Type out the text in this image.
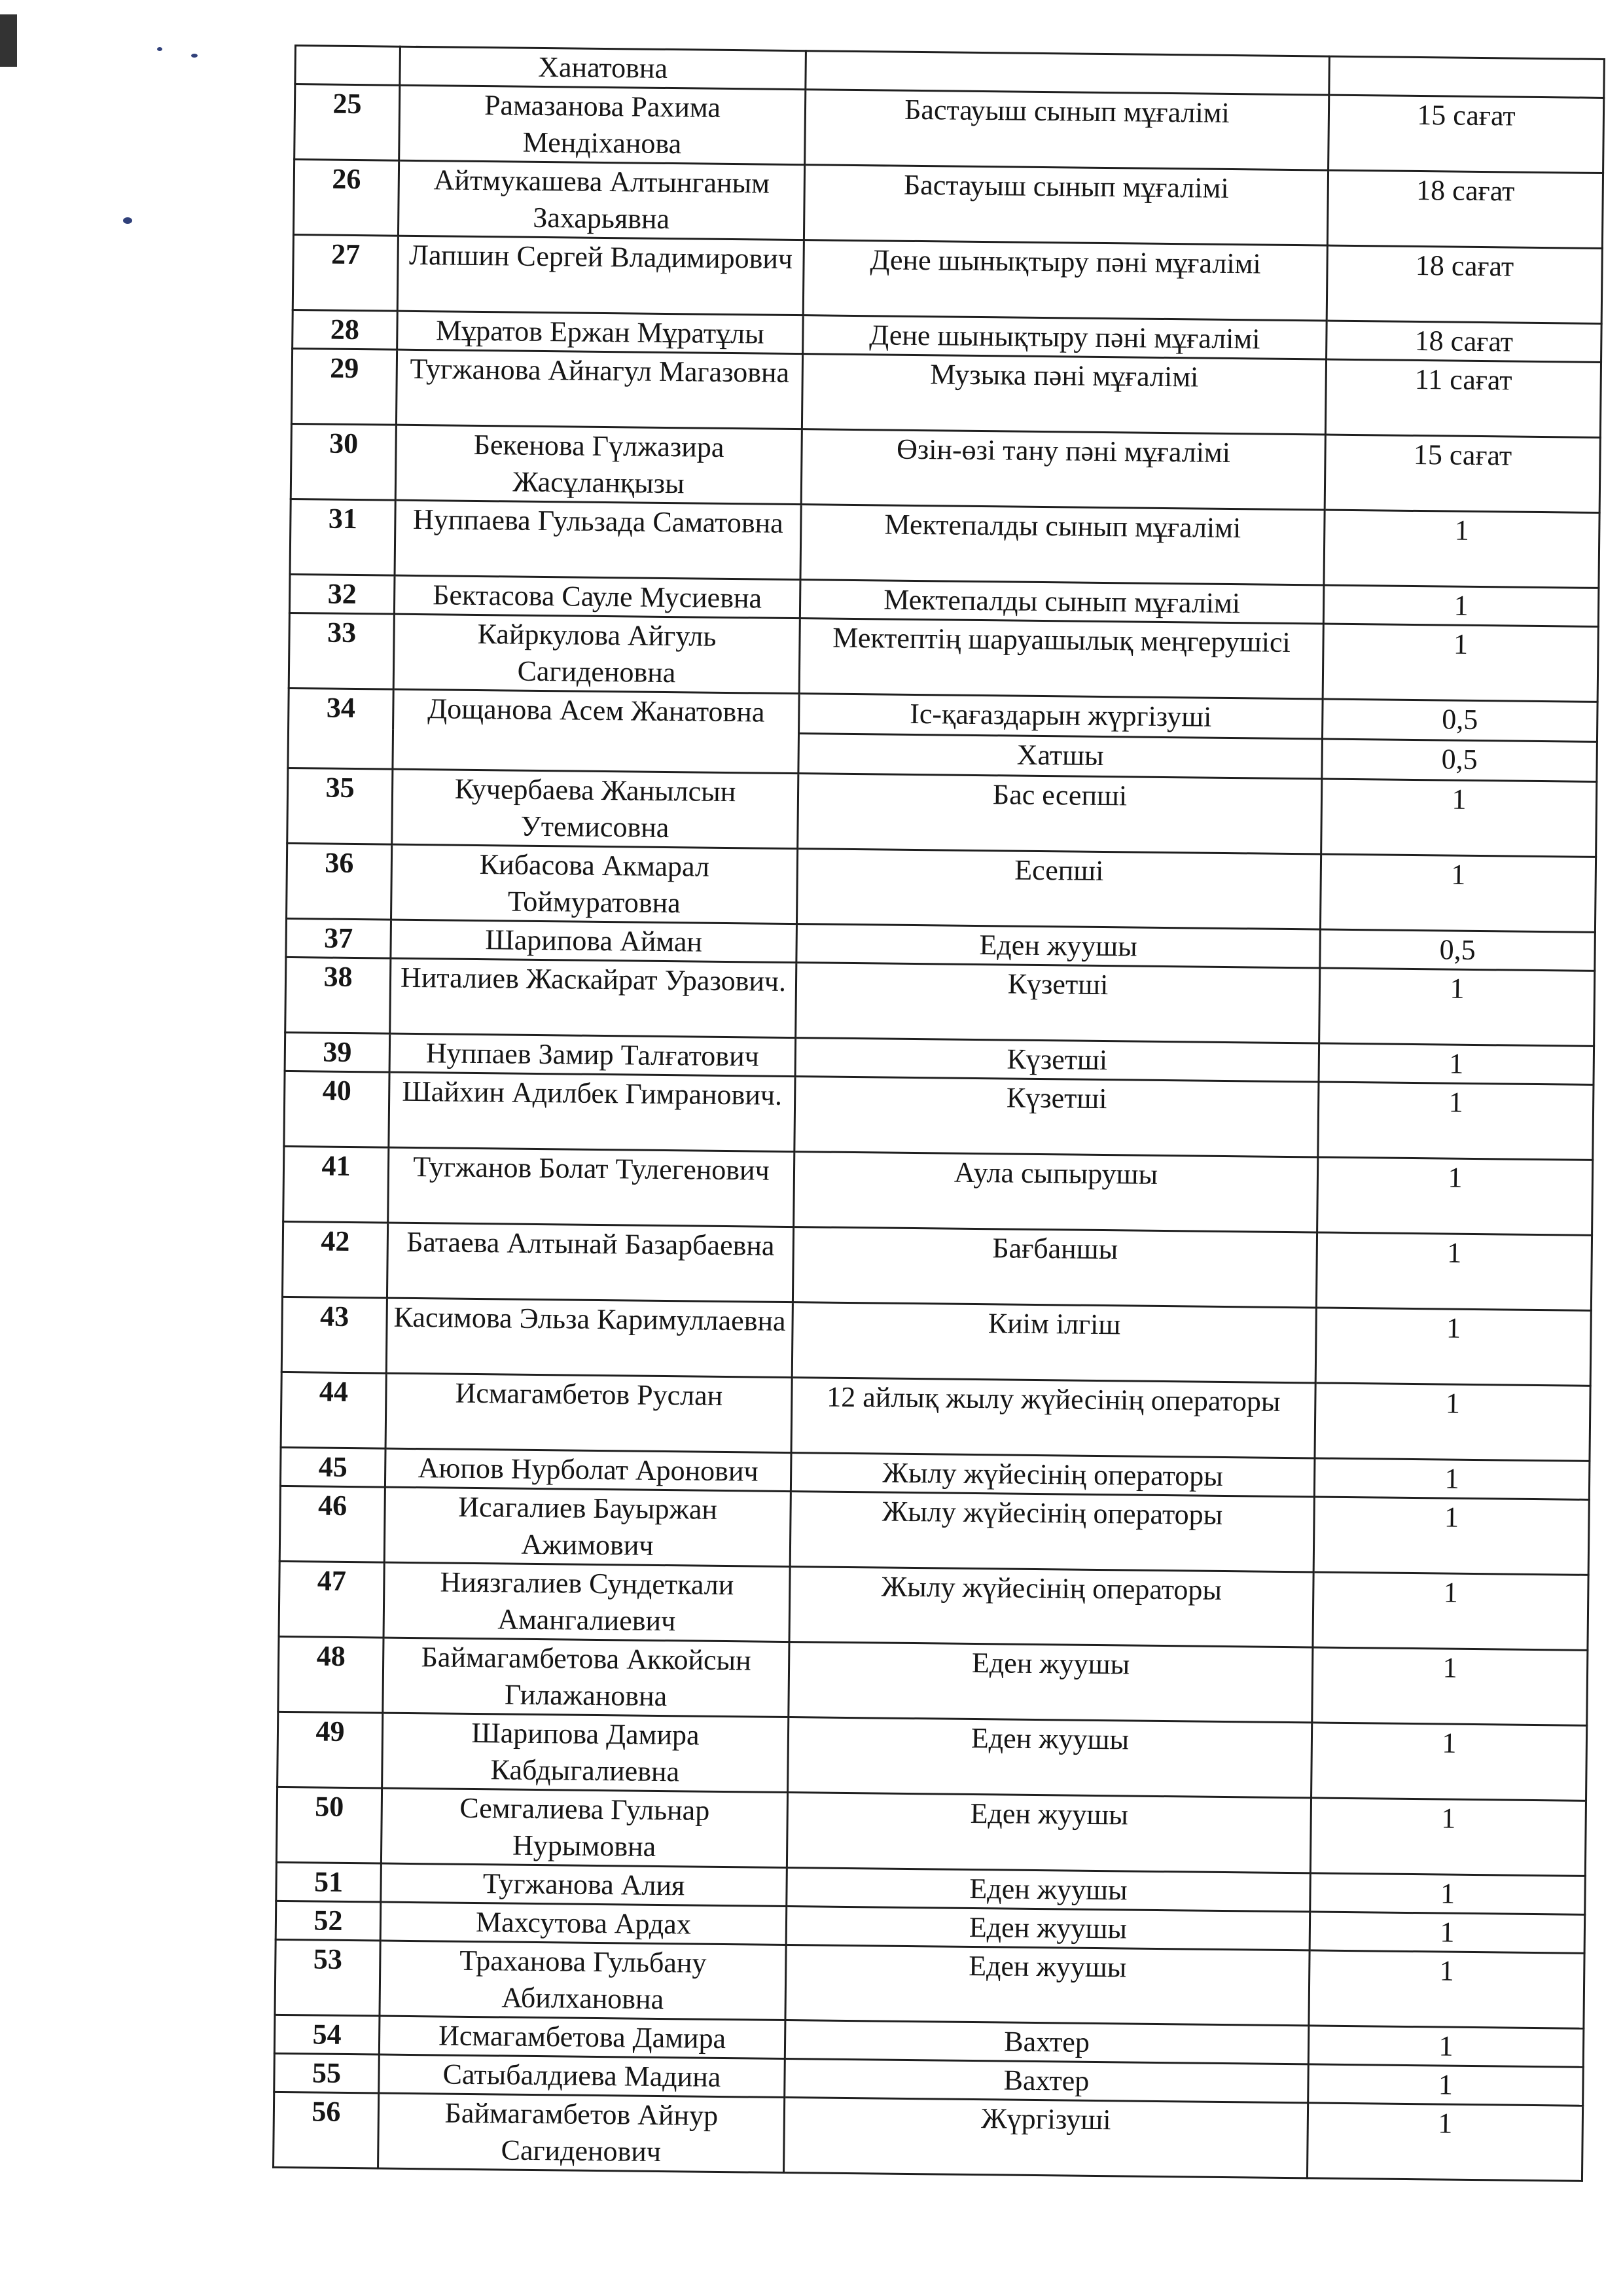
	Ханатовна		
25	Рамазанова Рахима Мендіханова	Бастауыш сынып мұғалімі	15 сағат
26	Айтмукашева Алтынганым Захарьявна	Бастауыш сынып мұғалімі	18 сағат
27	Лапшин Сергей Владимирович	Дене шынықтыру пәні мұғалімі	18 сағат
28	Мұратов Ержан Мұратұлы	Дене шынықтыру пәні мұғалімі	18 сағат
29	Тугжанова Айнагул Магазовна	Музыка пәні мұғалімі	11 сағат
30	Бекенова Гүлжазира Жасұланқызы	Өзін-өзі тану пәні мұғалімі	15 сағат
31	Нуппаева Гульзада Саматовна	Мектепалды сынып мұғалімі	1
32	Бектасова Сауле Мусиевна	Мектепалды сынып мұғалімі	1
33	Кайркулова Айгуль Сагиденовна	Мектептің шаруашылық меңгерушісі	1
34	Дощанова Асем Жанатовна	Іс-қағаздарын жүргізуші	0,5
		Хатшы	0,5
35	Кучербаева Жанылсын Утемисовна	Бас есепші	1
36	Кибасова Акмарал Тоймуратовна	Есепші	1
37	Шарипова Айман	Еден жуушы	0,5
38	Ниталиев Жаскайрат Уразович.	Күзетші	1
39	Нуппаев Замир Талғатович	Күзетші	1
40	Шайхин Адилбек Гимранович.	Күзетші	1
41	Тугжанов Болат Тулегенович	Аула сыпырушы	1
42	Батаева Алтынай Базарбаевна	Бағбаншы	1
43	Касимова Эльза Каримуллаевна	Киім ілгіш	1
44	Исмагамбетов Руслан	12 айлық жылу жүйесінің операторы	1
45	Аюпов Нурболат Аронович	Жылу жүйесінің операторы	1
46	Исагалиев Бауыржан Ажимович	Жылу жүйесінің операторы	1
47	Ниязгалиев Сундеткали Амангалиевич	Жылу жүйесінің операторы	1
48	Баймагамбетова Аккойсын Гилажановна	Еден жуушы	1
49	Шарипова Дамира Кабдыгалиевна	Еден жуушы	1
50	Семгалиева Гульнар Нурымовна	Еден жуушы	1
51	Тугжанова Алия	Еден жуушы	1
52	Махсутова Ардах	Еден жуушы	1
53	Траханова Гульбану Абилхановна	Еден жуушы	1
54	Исмагамбетова Дамира	Вахтер	1
55	Сатыбалдиева Мадина	Вахтер	1
56	Баймагамбетов Айнур Сагиденович	Жүргізуші	1
